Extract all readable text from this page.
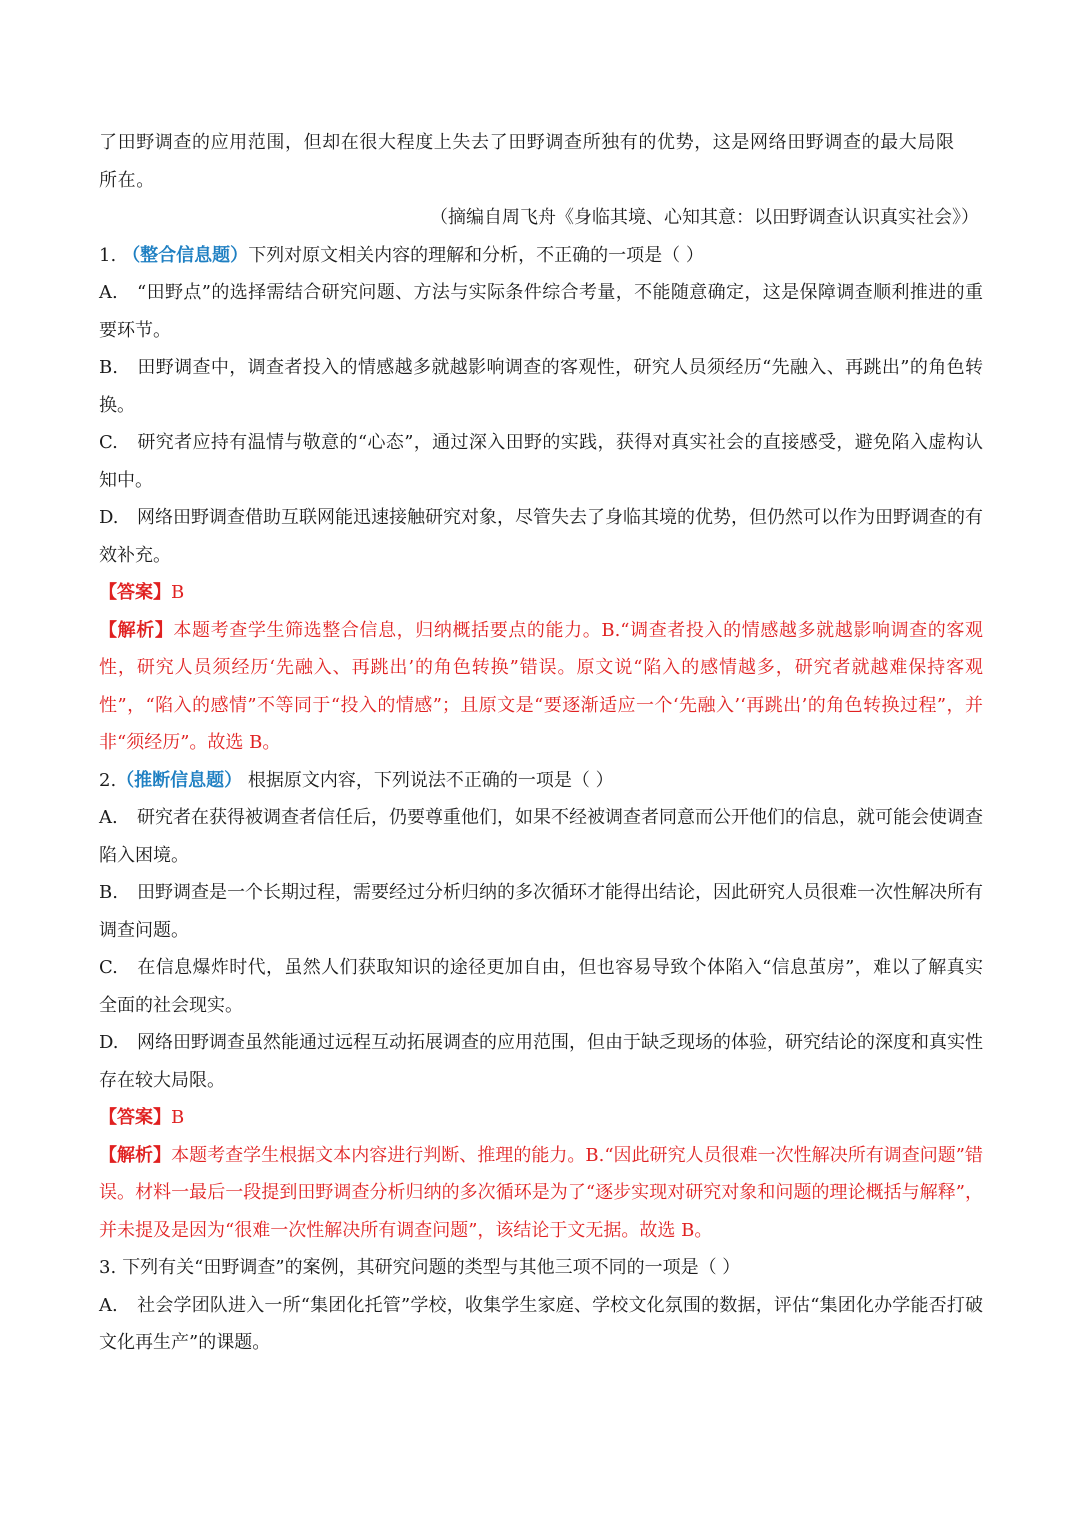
了田野调查的应用范围，但却在很大程度上失去了田野调查所独有的优势，这是网络田野调查的最大局限
所在。
（摘编自周飞舟《身临其境、心知其意：以田野调查认识真实社会》）

1. （整合信息题）下列对原文相关内容的理解和分析，不正确的一项是（ ）

A. “田野点”的选择需结合研究问题、方法与实际条件综合考量，不能随意确定，这是保障调查顺利推进的重要环节。

B. 田野调查中，调查者投入的情感越多就越影响调查的客观性，研究人员须经历“先融入、再跳出”的角色转换。

C. 研究者应持有温情与敬意的“心态”，通过深入田野的实践，获得对真实社会的直接感受，避免陷入虚构认知中。

D. 网络田野调查借助互联网能迅速接触研究对象，尽管失去了身临其境的优势，但仍然可以作为田野调查的有效补充。

【答案】B

【解析】本题考查学生筛选整合信息，归纳概括要点的能力。B.“调查者投入的情感越多就越影响调查的客观性，研究人员须经历‘先融入、再跳出’的角色转换”错误。原文说“陷入的感情越多，研究者就越难保持客观性”，“陷入的感情”不等同于“投入的情感”；且原文是“要逐渐适应一个‘先融入’‘再跳出’的角色转换过程”，并非“须经历”。故选 B。

2.（推断信息题） 根据原文内容，下列说法不正确的一项是（ ）

A. 研究者在获得被调查者信任后，仍要尊重他们，如果不经被调查者同意而公开他们的信息，就可能会使调查陷入困境。

B. 田野调查是一个长期过程，需要经过分析归纳的多次循环才能得出结论，因此研究人员很难一次性解决所有调查问题。

C. 在信息爆炸时代，虽然人们获取知识的途径更加自由，但也容易导致个体陷入“信息茧房”，难以了解真实全面的社会现实。

D. 网络田野调查虽然能通过远程互动拓展调查的应用范围，但由于缺乏现场的体验，研究结论的深度和真实性存在较大局限。

【答案】B

【解析】本题考查学生根据文本内容进行判断、推理的能力。B.“因此研究人员很难一次性解决所有调查问题”错误。材料一最后一段提到田野调查分析归纳的多次循环是为了“逐步实现对研究对象和问题的理论概括与解释”，并未提及是因为“很难一次性解决所有调查问题”，该结论于文无据。故选 B。

3. 下列有关“田野调查”的案例，其研究问题的类型与其他三项不同的一项是（ ）

A. 社会学团队进入一所“集团化托管”学校，收集学生家庭、学校文化氛围的数据，评估“集团化办学能否打破文化再生产”的课题。
